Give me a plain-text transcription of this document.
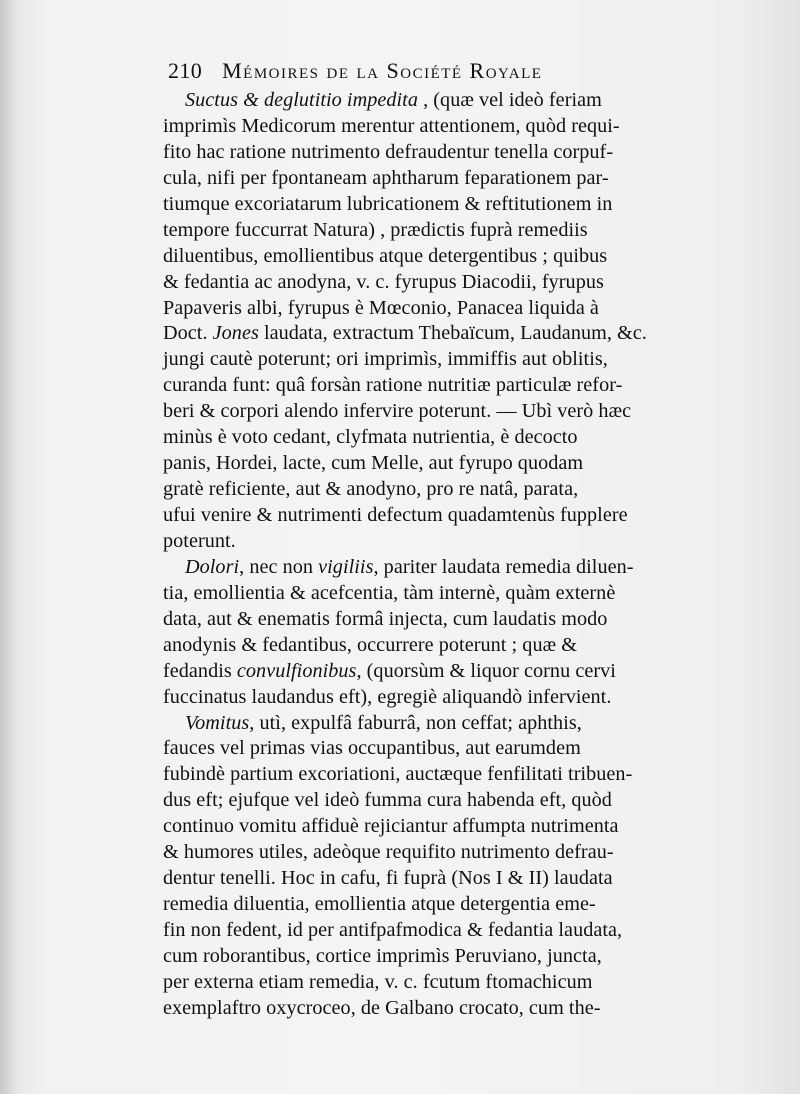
210 Mémoires de la Société Royale
Suctus & deglutitio impedita , (quæ vel ideò feriam
imprimìs Medicorum merentur attentionem, quòd requi-
fito hac ratione nutrimento defraudentur tenella corpuf-
cula, nifi per fpontaneam aphtharum feparationem par-
tiumque excoriatarum lubricationem & reftitutionem in
tempore fuccurrat Natura) , prædictis fuprà remediis
diluentibus, emollientibus atque detergentibus ; quibus
& fedantia ac anodyna, v. c. fyrupus Diacodii, fyrupus
Papaveris albi, fyrupus è Mœconio, Panacea liquida à
Doct. Jones laudata, extractum Thebaïcum, Laudanum, &c.
jungi cautè poterunt; ori imprimìs, immiffis aut oblitis,
curanda funt: quâ forsàn ratione nutritiæ particulæ refor-
beri & corpori alendo infervire poterunt. — Ubì verò hæc
minùs è voto cedant, clyfmata nutrientia, è decocto
panis, Hordei, lacte, cum Melle, aut fyrupo quodam
gratè reficiente, aut & anodyno, pro re natâ, parata,
ufui venire & nutrimenti defectum quadamtenùs fupplere
poterunt.
Dolori, nec non vigiliis, pariter laudata remedia diluen-
tia, emollientia & acefcentia, tàm internè, quàm externè
data, aut & enematis formâ injecta, cum laudatis modo
anodynis & fedantibus, occurrere poterunt ; quæ &
fedandis convulfionibus, (quorsùm & liquor cornu cervi
fuccinatus laudandus eft), egregiè aliquandò infervient.
Vomitus, utì, expulfâ faburrâ, non ceffat; aphthis,
fauces vel primas vias occupantibus, aut earumdem
fubindè partium excoriationi, auctæque fenfilitati tribuen-
dus eft; ejufque vel ideò fumma cura habenda eft, quòd
continuo vomitu affiduè rejiciantur affumpta nutrimenta
& humores utiles, adeòque requifito nutrimento defrau-
dentur tenelli. Hoc in cafu, fi fuprà (Nos I & II) laudata
remedia diluentia, emollientia atque detergentia eme-
fin non fedent, id per antifpafmodica & fedantia laudata,
cum roborantibus, cortice imprimìs Peruviano, juncta,
per externa etiam remedia, v. c. fcutum ftomachicum
exemplaftro oxycroceo, de Galbano crocato, cum the-
